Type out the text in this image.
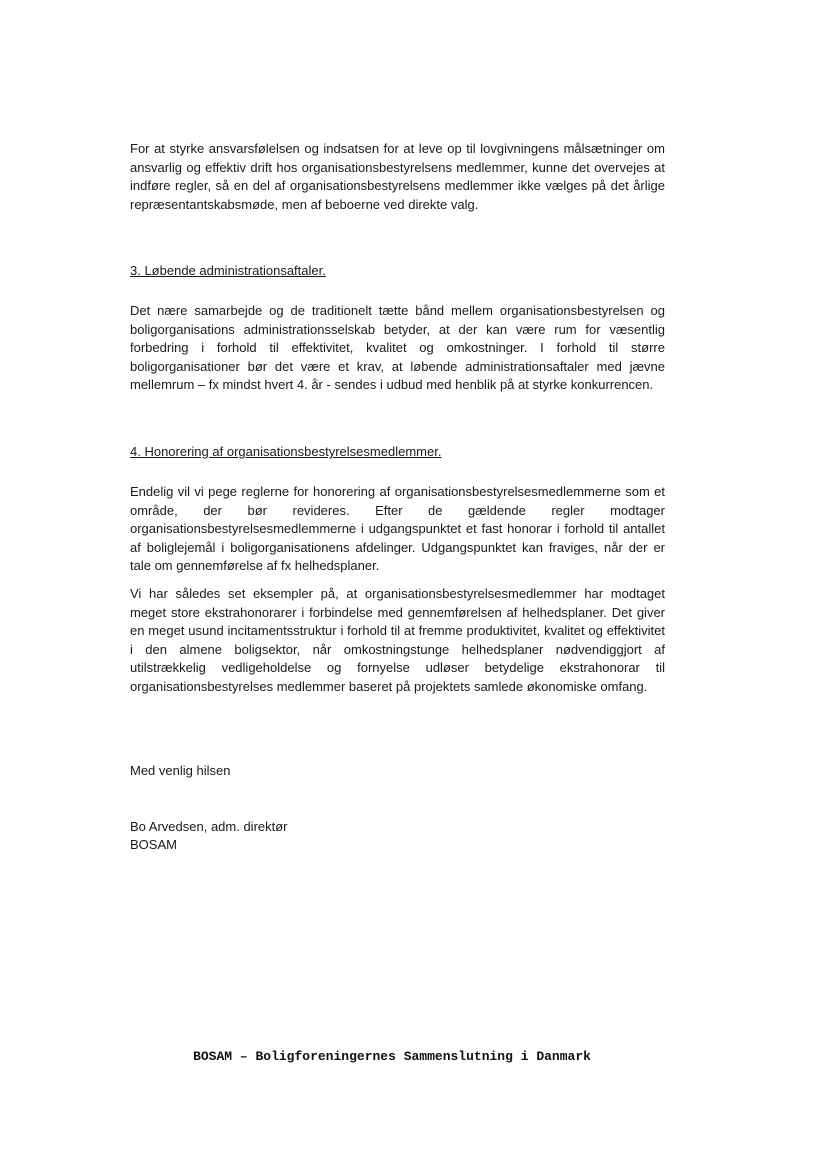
For at styrke ansvarsfølelsen og indsatsen for at leve op til lovgivningens målsætninger om ansvarlig og effektiv drift hos organisationsbestyrelsens medlemmer, kunne det overvejes at indføre regler, så en del af organisationsbestyrelsens medlemmer ikke vælges på det årlige repræsentantskabsmøde, men af beboerne ved direkte valg.

3. Løbende administrationsaftaler.

Det nære samarbejde og de traditionelt tætte bånd mellem organisationsbestyrelsen og boligorganisations administrationsselskab betyder, at der kan være rum for væsentlig forbedring i forhold til effektivitet, kvalitet og omkostninger. I forhold til større boligorganisationer bør det være et krav, at løbende administrationsaftaler med jævne mellemrum – fx mindst hvert 4. år - sendes i udbud med henblik på at styrke konkurrencen.

4. Honorering af organisationsbestyrelsesmedlemmer.

Endelig vil vi pege reglerne for honorering af organisationsbestyrelsesmedlemmerne som et område, der bør revideres. Efter de gældende regler modtager organisationsbestyrelsesmedlemmerne i udgangspunktet et fast honorar i forhold til antallet af boliglejemål i boligorganisationens afdelinger. Udgangspunktet kan fraviges, når der er tale om gennemførelse af fx helhedsplaner.

Vi har således set eksempler på, at organisationsbestyrelsesmedlemmer har modtaget meget store ekstrahonorarer i forbindelse med gennemførelsen af helhedsplaner. Det giver en meget usund incitamentsstruktur i forhold til at fremme produktivitet, kvalitet og effektivitet i den almene boligsektor, når omkostningstunge helhedsplaner nødvendiggjort af utilstrækkelig vedligeholdelse og fornyelse udløser betydelige ekstrahonorar til organisationsbestyrelses medlemmer baseret på projektets samlede økonomiske omfang.

Med venlig hilsen

Bo Arvedsen, adm. direktør

BOSAM

BOSAM – Boligforeningernes Sammenslutning i Danmark
